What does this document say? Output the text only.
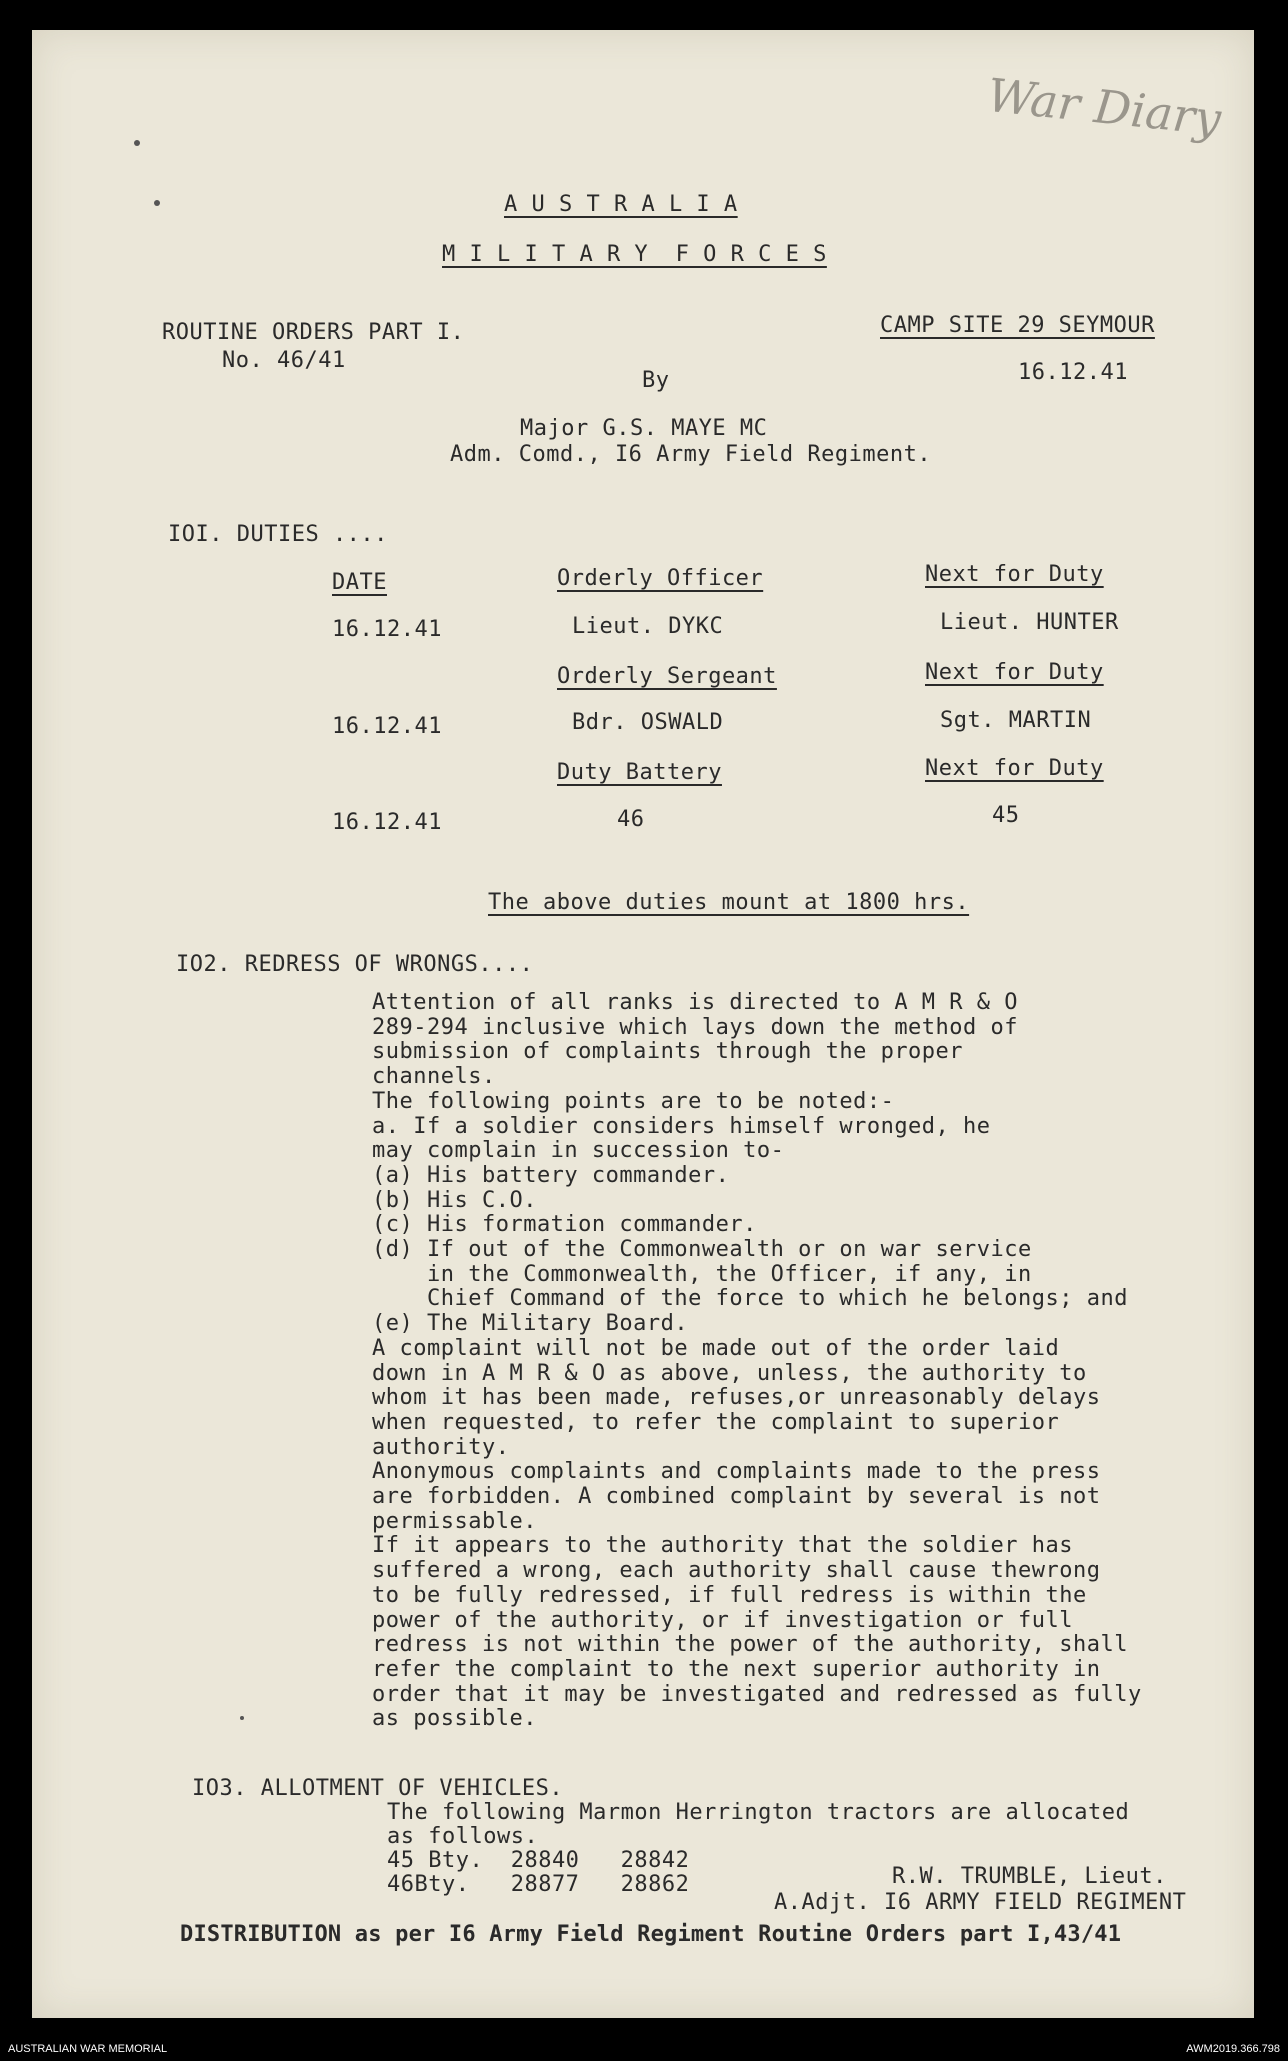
War Diary
A U S T R A L I A
M I L I T A R Y  F O R C E S
ROUTINE ORDERS PART I.
No. 46/41
CAMP SITE 29 SEYMOUR
16.12.41
By
Major G.S. MAYE MC
Adm. Comd., I6 Army Field Regiment.
IOI. DUTIES ....
DATE	Orderly Officer	Next for Duty
16.12.41	Lieut. DYKC	Lieut. HUNTER
Orderly Sergeant	Next for Duty
16.12.41	Bdr. OSWALD	Sgt. MARTIN
Duty Battery	Next for Duty
16.12.41	46	45
The above duties mount at 1800 hrs.
IO2. REDRESS OF WRONGS....
Attention of all ranks is directed to A M R & O
289-294 inclusive which lays down the method of
submission of complaints through the proper
channels.
The following points are to be noted:-
a. If a soldier considers himself wronged, he
may complain in succession to-
(a) His battery commander.
(b) His C.O.
(c) His formation commander.
(d) If out of the Commonwealth or on war service
in the Commonwealth, the Officer, if any, in
Chief Command of the force to which he belongs; and
(e) The Military Board.
A complaint will not be made out of the order laid
down in A M R & O as above, unless, the authority to
whom it has been made, refuses,or unreasonably delays
when requested, to refer the complaint to superior
authority.
Anonymous complaints and complaints made to the press
are forbidden. A combined complaint by several is not
permissable.
If it appears to the authority that the soldier has
suffered a wrong, each authority shall cause thewrong
to be fully redressed, if full redress is within the
power of the authority, or if investigation or full
redress is not within the power of the authority, shall
refer the complaint to the next superior authority in
order that it may be investigated and redressed as fully
as possible.
IO3. ALLOTMENT OF VEHICLES.
The following Marmon Herrington tractors are allocated
as follows.
45 Bty.  28840   28842
46Bty.   28877   28862	R.W. TRUMBLE, Lieut.
A.Adjt. I6 ARMY FIELD REGIMENT
DISTRIBUTION as per I6 Army Field Regiment Routine Orders part I,43/41
AUSTRALIAN WAR MEMORIAL	AWM2019.366.798
